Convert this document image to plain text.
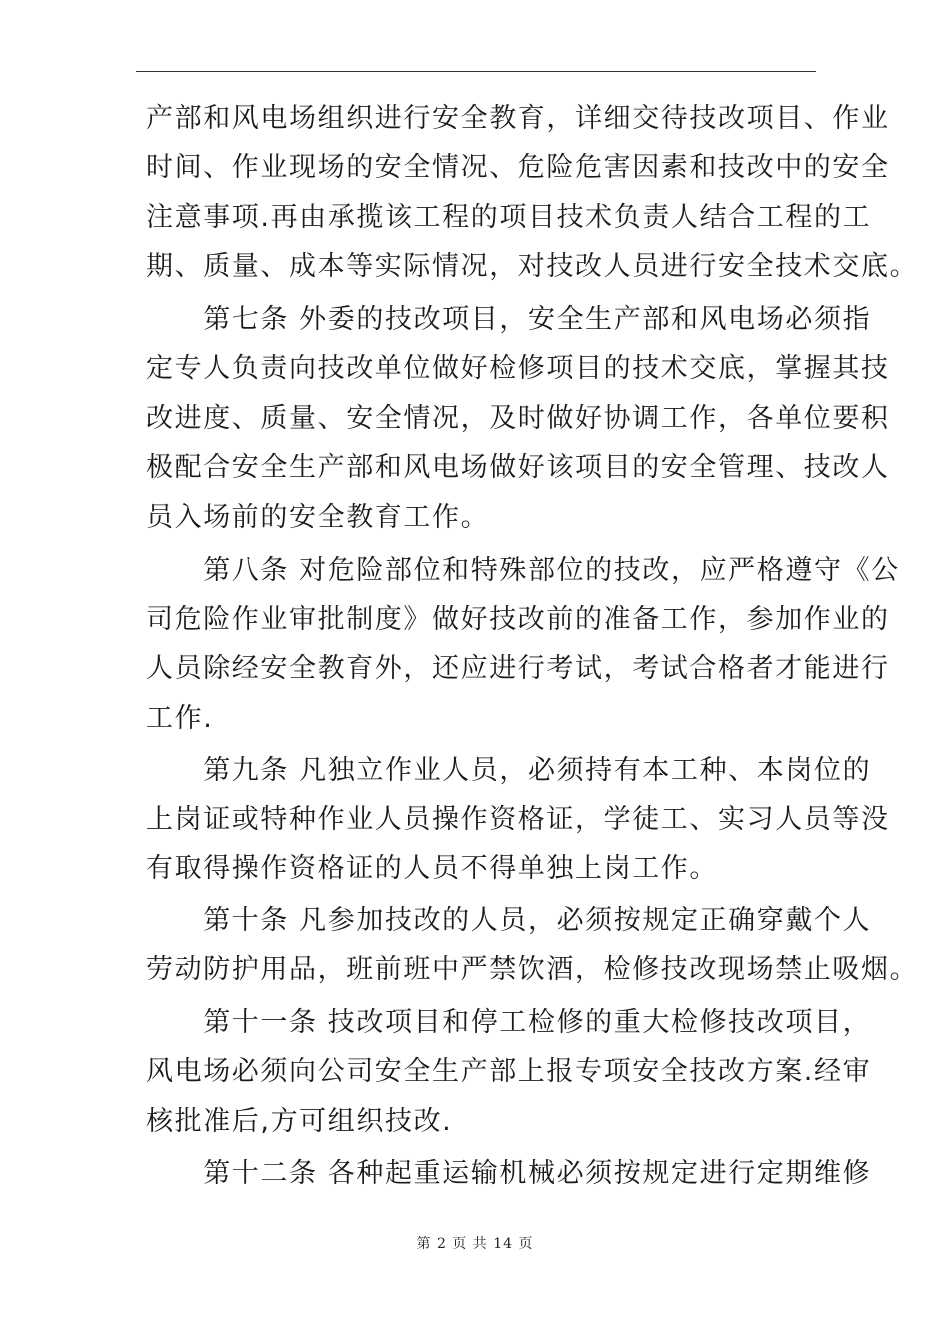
产部和风电场组织进行安全教育，详细交待技改项目、作业
时间、作业现场的安全情况、危险危害因素和技改中的安全
注意事项.再由承揽该工程的项目技术负责人结合工程的工
期、质量、成本等实际情况，对技改人员进行安全技术交底。
　　第七条 外委的技改项目，安全生产部和风电场必须指
定专人负责向技改单位做好检修项目的技术交底，掌握其技
改进度、质量、安全情况，及时做好协调工作，各单位要积
极配合安全生产部和风电场做好该项目的安全管理、技改人
员入场前的安全教育工作。
　　第八条 对危险部位和特殊部位的技改，应严格遵守《公
司危险作业审批制度》做好技改前的准备工作，参加作业的
人员除经安全教育外，还应进行考试，考试合格者才能进行
工作.
　　第九条 凡独立作业人员，必须持有本工种、本岗位的
上岗证或特种作业人员操作资格证，学徒工、实习人员等没
有取得操作资格证的人员不得单独上岗工作。
　　第十条 凡参加技改的人员，必须按规定正确穿戴个人
劳动防护用品，班前班中严禁饮酒，检修技改现场禁止吸烟。
　　第十一条 技改项目和停工检修的重大检修技改项目，
风电场必须向公司安全生产部上报专项安全技改方案.经审
核批准后,方可组织技改.
　　第十二条 各种起重运输机械必须按规定进行定期维修
第 2 页 共 14 页
